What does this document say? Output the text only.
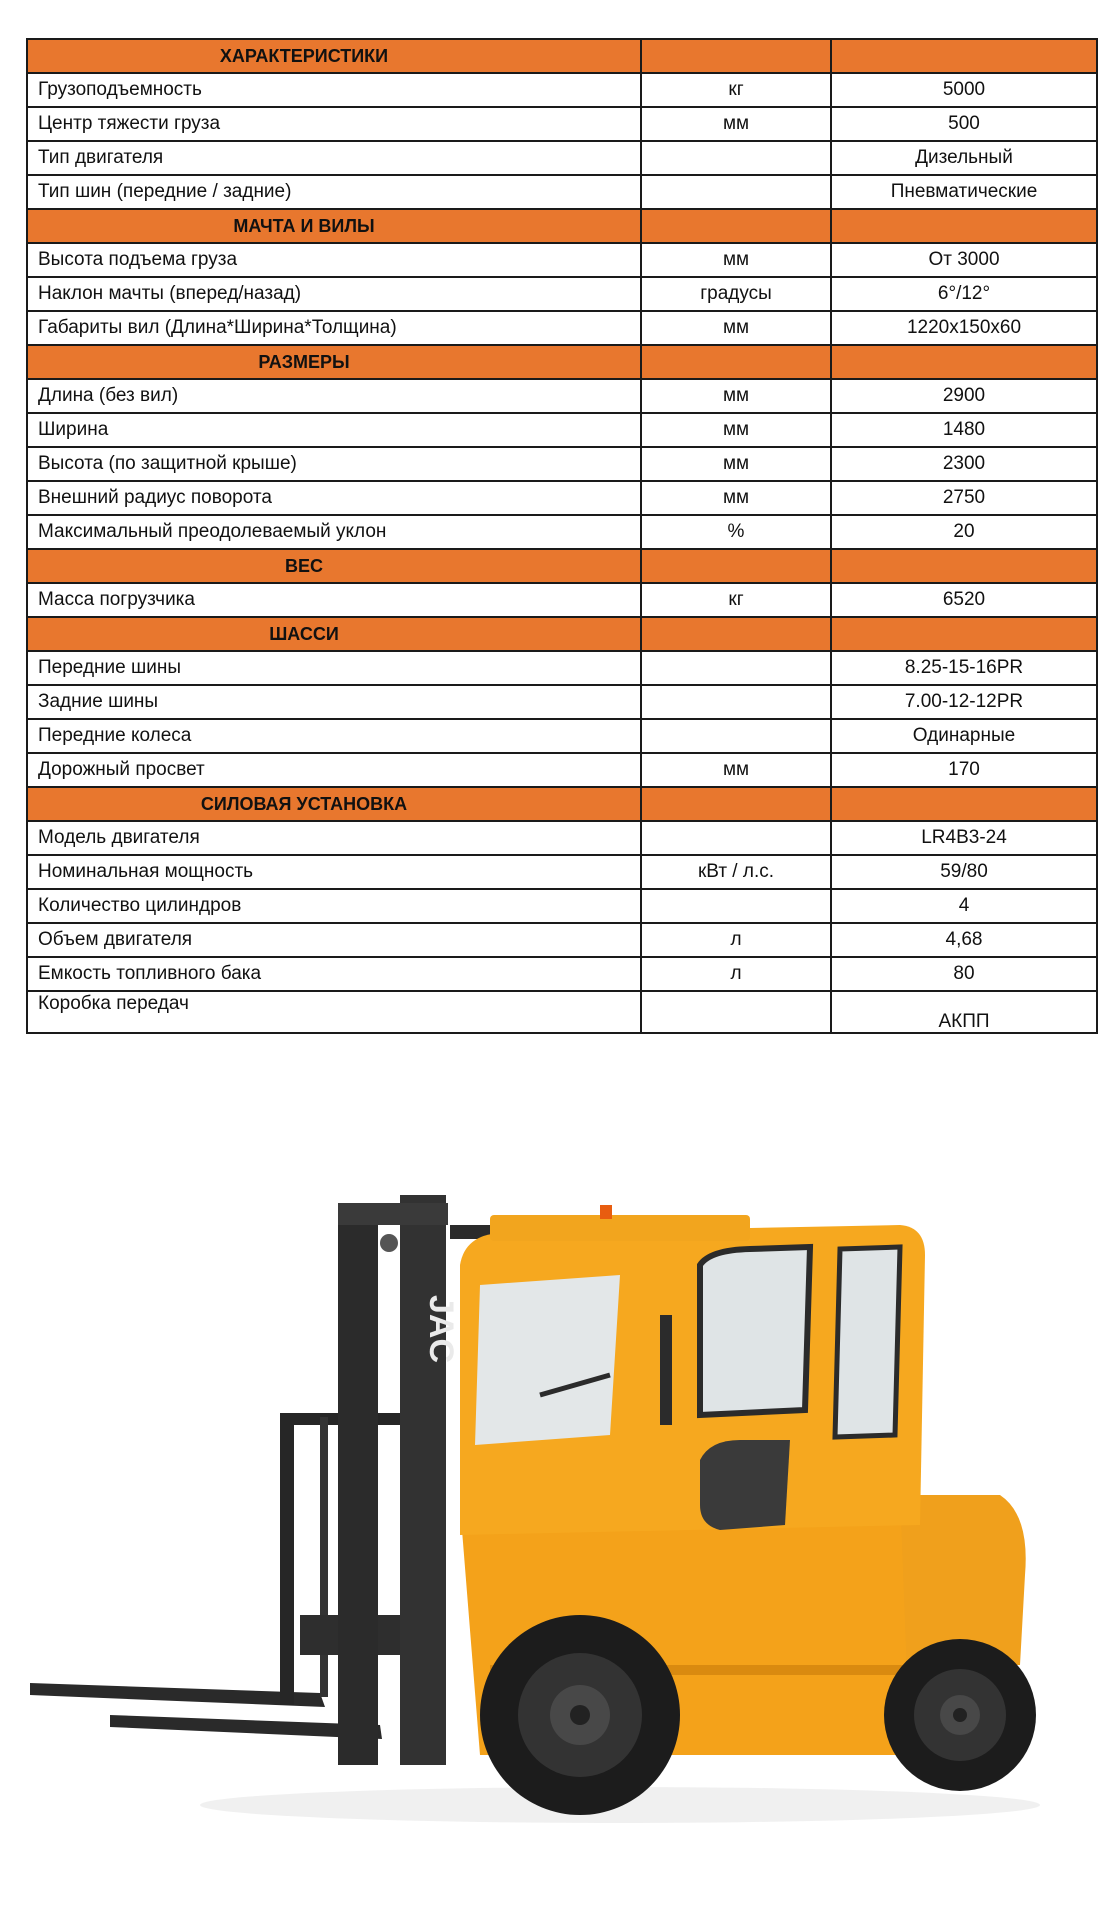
ХАРАКТЕРИСТИКИ		
Грузоподъемность	кг	5000
Центр тяжести груза	мм	500
Тип двигателя		Дизельный
Тип шин (передние / задние)		Пневматические
МАЧТА И ВИЛЫ		
Высота подъема груза	мм	От 3000
Наклон мачты (вперед/назад)	градусы	6°/12°
Габариты вил (Длина*Ширина*Толщина)	мм	1220x150x60
РАЗМЕРЫ		
Длина (без вил)	мм	2900
Ширина	мм	1480
Высота (по защитной крыше)	мм	2300
Внешний радиус поворота	мм	2750
Максимальный преодолеваемый уклон	%	20
ВЕС		
Масса погрузчика	кг	6520
ШАССИ		
Передние шины		8.25-15-16PR
Задние шины		7.00-12-12PR
Передние колеса		Одинарные
Дорожный просвет	мм	170
СИЛОВАЯ УСТАНОВКА		
Модель двигателя		LR4B3-24
Номинальная мощность	кВт / л.с.	59/80
Количество цилиндров		4
Объем двигателя	л	4,68
Емкость топливного бака	л	80
Коробка передач		АКПП
JAC
